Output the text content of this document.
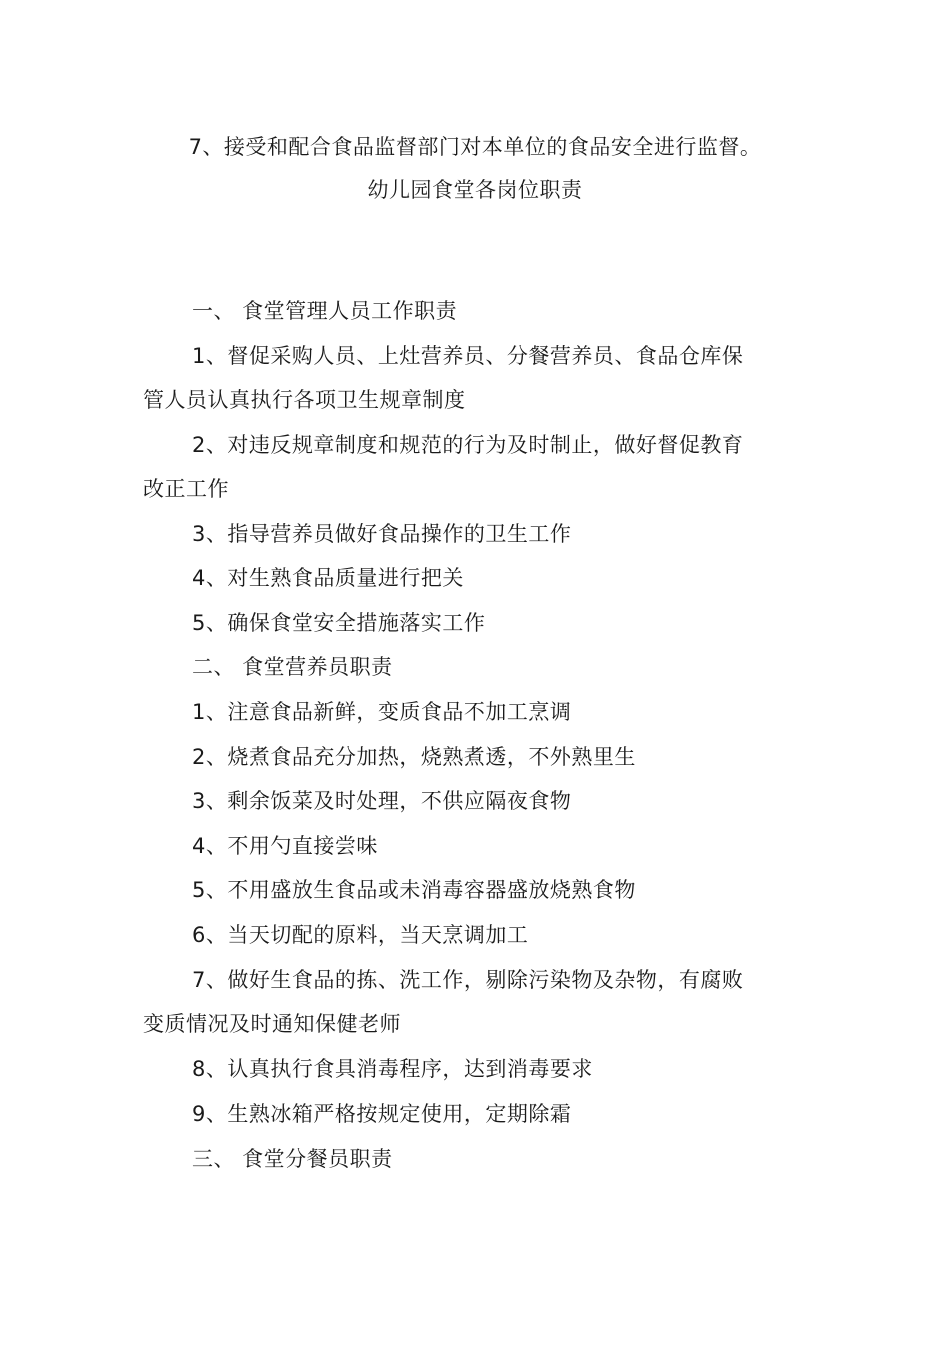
7、接受和配合食品监督部门对本单位的食品安全进行监督。
幼儿园食堂各岗位职责
一、 食堂管理人员工作职责
1、督促采购人员、上灶营养员、分餐营养员、食品仓库保
管人员认真执行各项卫生规章制度
2、对违反规章制度和规范的行为及时制止，做好督促教育
改正工作
3、指导营养员做好食品操作的卫生工作
4、对生熟食品质量进行把关
5、确保食堂安全措施落实工作
二、 食堂营养员职责
1、注意食品新鲜，变质食品不加工烹调
2、烧煮食品充分加热，烧熟煮透，不外熟里生
3、剩余饭菜及时处理，不供应隔夜食物
4、不用勺直接尝味
5、不用盛放生食品或未消毒容器盛放烧熟食物
6、当天切配的原料，当天烹调加工
7、做好生食品的拣、洗工作，剔除污染物及杂物，有腐败
变质情况及时通知保健老师
8、认真执行食具消毒程序，达到消毒要求
9、生熟冰箱严格按规定使用，定期除霜
三、 食堂分餐员职责
